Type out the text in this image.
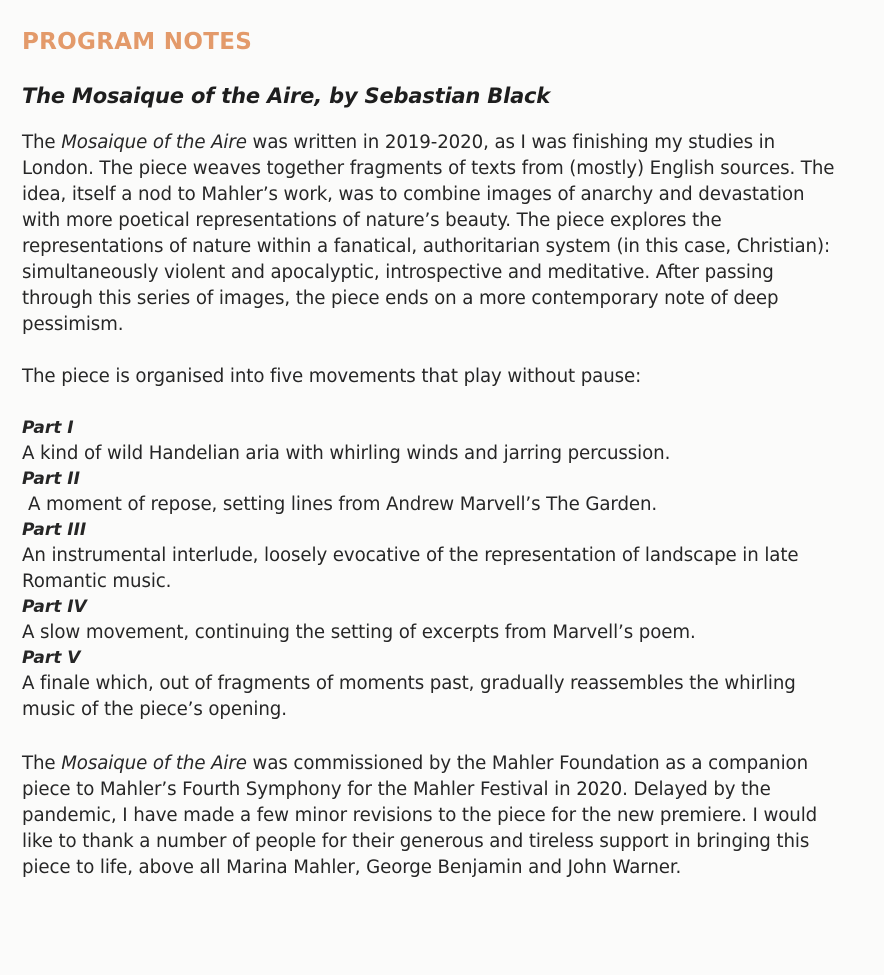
PROGRAM NOTES
The Mosaique of the Aire, by Sebastian Black

The Mosaique of the Aire was written in 2019-2020, as I was finishing my studies in London. The piece weaves together fragments of texts from (mostly) English sources. The idea, itself a nod to Mahler’s work, was to combine images of anarchy and devastation with more poetical representations of nature’s beauty. The piece explores the representations of nature within a fanatical, authoritarian system (in this case, Christian): simultaneously violent and apocalyptic, introspective and meditative. After passing through this series of images, the piece ends on a more contemporary note of deep pessimism.

The piece is organised into five movements that play without pause:

Part I

A kind of wild Handelian aria with whirling winds and jarring percussion.

Part II

A moment of repose, setting lines from Andrew Marvell’s The Garden.

Part III

An instrumental interlude, loosely evocative of the representation of landscape in late Romantic music.

Part IV

A slow movement, continuing the setting of excerpts from Marvell’s poem.

Part V

A finale which, out of fragments of moments past, gradually reassembles the whirling music of the piece’s opening.

The Mosaique of the Aire was commissioned by the Mahler Foundation as a companion piece to Mahler’s Fourth Symphony for the Mahler Festival in 2020. Delayed by the pandemic, I have made a few minor revisions to the piece for the new premiere. I would like to thank a number of people for their generous and tireless support in bringing this piece to life, above all Marina Mahler, George Benjamin and John Warner.
